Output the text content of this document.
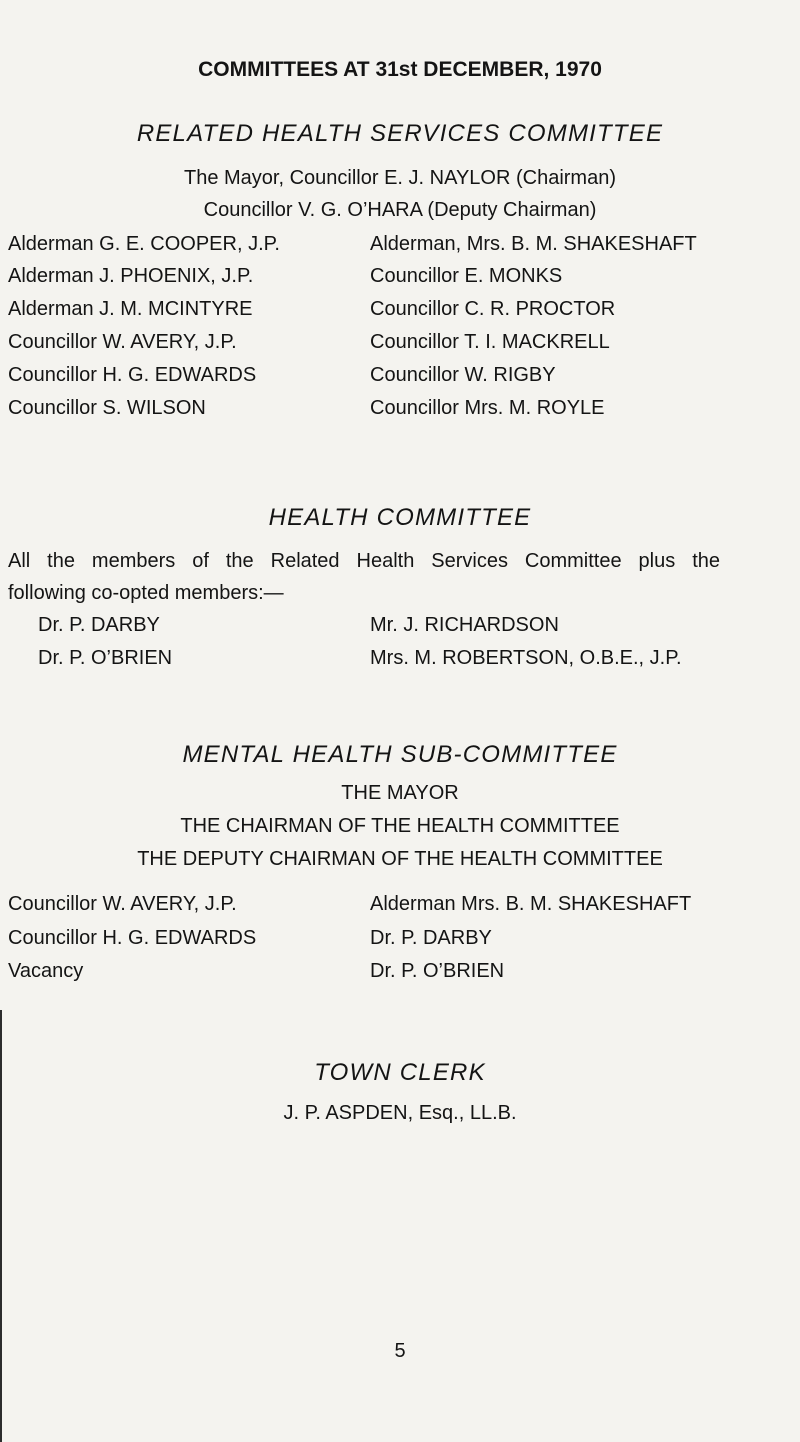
COMMITTEES AT 31st DECEMBER, 1970
RELATED HEALTH SERVICES COMMITTEE
The Mayor, Councillor E. J. NAYLOR (Chairman)
Councillor V. G. O’HARA (Deputy Chairman)
Alderman G. E. COOPER, J.P.
Alderman J. PHOENIX, J.P.
Alderman J. M. MCINTYRE
Councillor W. AVERY, J.P.
Councillor H. G. EDWARDS
Councillor S. WILSON
Alderman, Mrs. B. M. SHAKESHAFT
Councillor E. MONKS
Councillor C. R. PROCTOR
Councillor T. I. MACKRELL
Councillor W. RIGBY
Councillor Mrs. M. ROYLE
HEALTH COMMITTEE
All the members of the Related Health Services Committee plus the
following co-opted members:—
Dr. P. DARBY
Dr. P. O’BRIEN
Mr. J. RICHARDSON
Mrs. M. ROBERTSON, O.B.E., J.P.
MENTAL HEALTH SUB-COMMITTEE
THE MAYOR
THE CHAIRMAN OF THE HEALTH COMMITTEE
THE DEPUTY CHAIRMAN OF THE HEALTH COMMITTEE
Councillor W. AVERY, J.P.
Councillor H. G. EDWARDS
Vacancy
Alderman Mrs. B. M. SHAKESHAFT
Dr. P. DARBY
Dr. P. O’BRIEN
TOWN CLERK
J. P. ASPDEN, Esq., LL.B.
5
